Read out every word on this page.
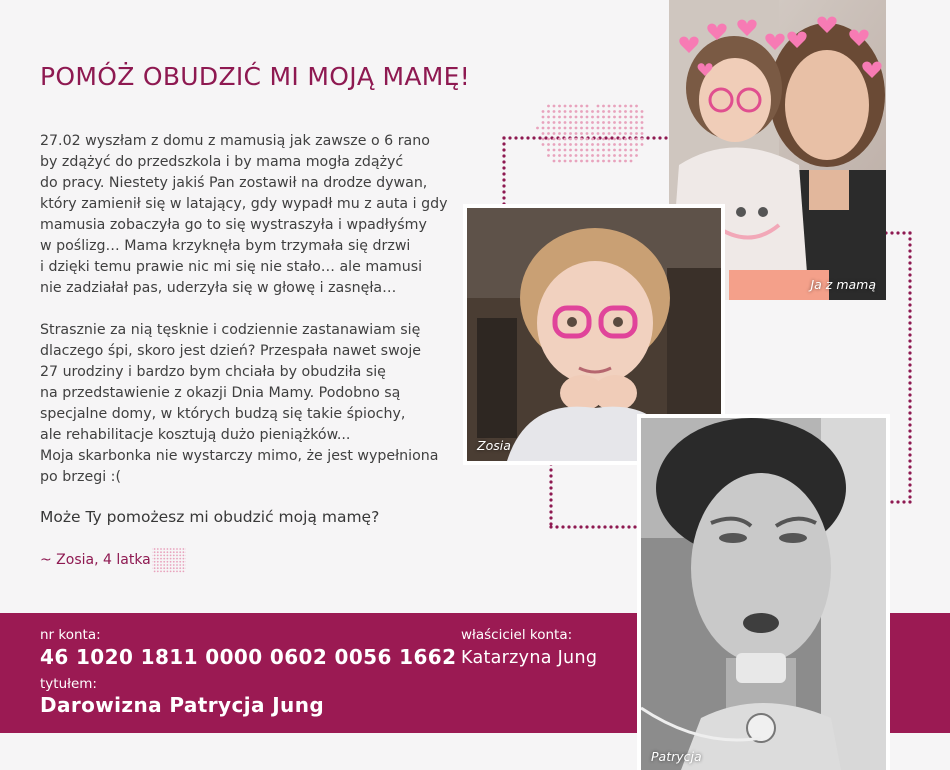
POMÓŻ OBUDZIĆ MI MOJĄ MAMĘ!
27.02 wyszłam z domu z mamusią jak zawsze o 6 rano
by zdążyć do przedszkola i by mama mogła zdążyć
do pracy. Niestety jakiś Pan zostawił na drodze dywan,
który zamienił się w latający, gdy wypadł mu z auta i gdy
mamusia zobaczyła go to się wystraszyła i wpadłyśmy
w poślizg… Mama krzyknęła bym trzymała się drzwi
i dzięki temu prawie nic mi się nie stało… ale mamusi
nie zadziałał pas, uderzyła się w głowę i zasnęła…
Strasznie za nią tęsknie i codziennie zastanawiam się
dlaczego śpi, skoro jest dzień? Przespała nawet swoje
27 urodziny i bardzo bym chciała by obudziła się
na przedstawienie z okazji Dnia Mamy. Podobno są
specjalne domy, w których budzą się takie śpiochy,
ale rehabilitacje kosztują dużo pieniążków...
Moja skarbonka nie wystarczy mimo, że jest wypełniona
po brzegi :(
Może Ty pomożesz mi obudzić moją mamę?
~ Zosia, 4 latka
nr konta:
46 1020 1811 0000 0602 0056 1662
tytułem:
Darowizna Patrycja Jung
właściciel konta:
Katarzyna Jung
Ja z mamą
Zosia
Patrycja
